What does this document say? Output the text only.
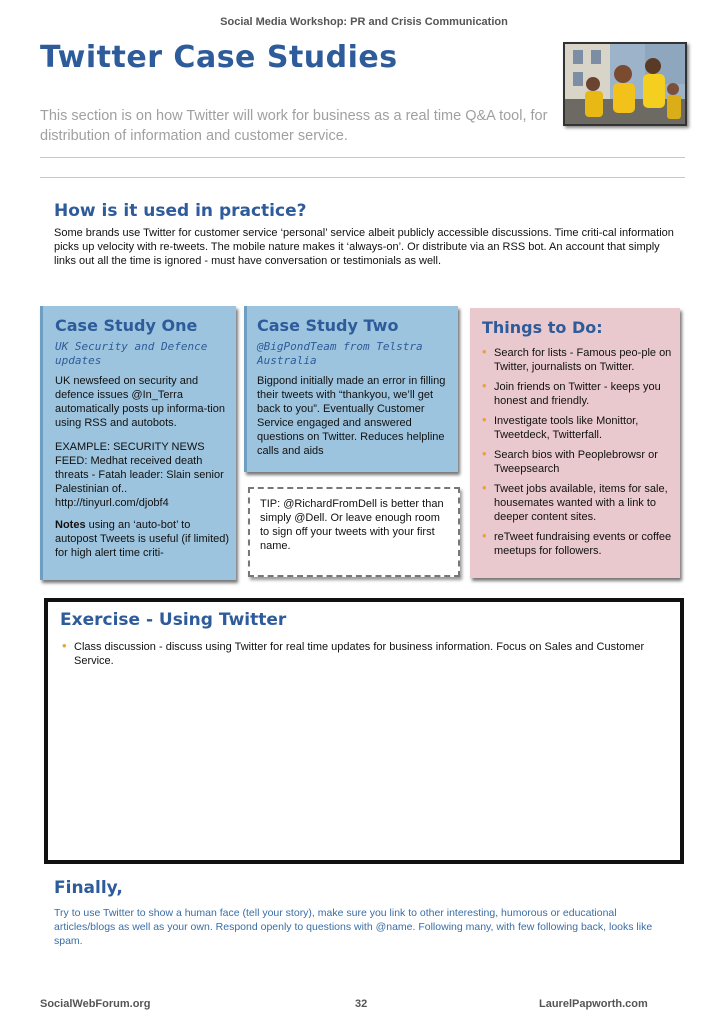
Social Media Workshop: PR and Crisis Communication
Twitter Case Studies
This section is on how Twitter will work for business as a real time Q&A tool, for distribution of information and customer service.
How is it used in practice?
Some brands use Twitter for customer service ‘personal’ service albeit publicly accessible discussions. Time criti-cal information picks up velocity with re-tweets. The mobile nature makes it ‘always-on’. Or distribute via an RSS bot. An account that simply links out all the time is ignored - must have conversation or testimonials as well.
Case Study One
UK Security and Defence updates
UK newsfeed on security and defence issues @In_Terra automatically posts up informa-tion using RSS and autobots.
EXAMPLE: SECURITY NEWS FEED: Medhat received death threats - Fatah leader: Slain senior Palestinian of.. http://tinyurl.com/djobf4
Notes using an ‘auto-bot’ to autopost Tweets is useful (if limited) for high alert time criti-
Case Study Two
@BigPondTeam from Telstra Australia
Bigpond initially made an error in filling their tweets with “thankyou, we’ll get back to you”. Eventually Customer Service engaged and answered questions on Twitter. Reduces helpline calls and aids
TIP: @RichardFromDell is better than simply @Dell. Or leave enough room to sign off your tweets with your first name.
Things to Do:
• Search for lists - Famous peo-ple on Twitter, journalists on Twitter.
• Join friends on Twitter - keeps you honest and friendly.
• Investigate tools like Monittor, Tweetdeck, Twitterfall.
• Search bios with Peoplebrowsr or Tweepsearch
• Tweet jobs available, items for sale, housemates wanted with a link to deeper content sites.
• reTweet fundraising events or coffee meetups for followers.
Exercise - Using Twitter
• Class discussion - discuss using Twitter for real time updates for business information. Focus on Sales and Customer Service.
Finally,
Try to use Twitter to show a human face (tell your story), make sure you link to other interesting, humorous or educational articles/blogs as well as your own. Respond openly to questions with @name. Following many, with few following back, looks like spam.
SocialWebForum.org	32	LaurelPapworth.com
